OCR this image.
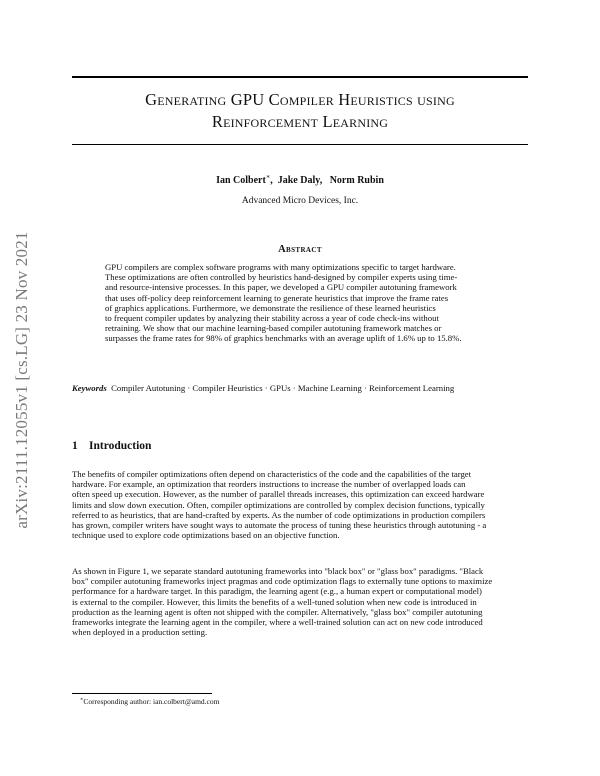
arXiv:2111.12055v1 [cs.LG] 23 Nov 2021
Generating GPU Compiler Heuristics using
Reinforcement Learning
Ian Colbert∗,  Jake Daly,   Norm Rubin
Advanced Micro Devices, Inc.
Abstract
GPU compilers are complex software programs with many optimizations specific to target hardware.
These optimizations are often controlled by heuristics hand-designed by compiler experts using time-
and resource-intensive processes. In this paper, we developed a GPU compiler autotuning framework
that uses off-policy deep reinforcement learning to generate heuristics that improve the frame rates
of graphics applications. Furthermore, we demonstrate the resilience of these learned heuristics
to frequent compiler updates by analyzing their stability across a year of code check-ins without
retraining. We show that our machine learning-based compiler autotuning framework matches or
surpasses the frame rates for 98% of graphics benchmarks with an average uplift of 1.6% up to 15.8%.
Keywords Compiler Autotuning · Compiler Heuristics · GPUs · Machine Learning · Reinforcement Learning
1 Introduction
The benefits of compiler optimizations often depend on characteristics of the code and the capabilities of the target
hardware. For example, an optimization that reorders instructions to increase the number of overlapped loads can
often speed up execution. However, as the number of parallel threads increases, this optimization can exceed hardware
limits and slow down execution. Often, compiler optimizations are controlled by complex decision functions, typically
referred to as heuristics, that are hand-crafted by experts. As the number of code optimizations in production compilers
has grown, compiler writers have sought ways to automate the process of tuning these heuristics through autotuning - a
technique used to explore code optimizations based on an objective function.
As shown in Figure 1, we separate standard autotuning frameworks into "black box" or "glass box" paradigms. "Black
box" compiler autotuning frameworks inject pragmas and code optimization flags to externally tune options to maximize
performance for a hardware target. In this paradigm, the learning agent (e.g., a human expert or computational model)
is external to the compiler. However, this limits the benefits of a well-tuned solution when new code is introduced in
production as the learning agent is often not shipped with the compiler. Alternatively, "glass box" compiler autotuning
frameworks integrate the learning agent in the compiler, where a well-trained solution can act on new code introduced
when deployed in a production setting.
∗Corresponding author: ian.colbert@amd.com
